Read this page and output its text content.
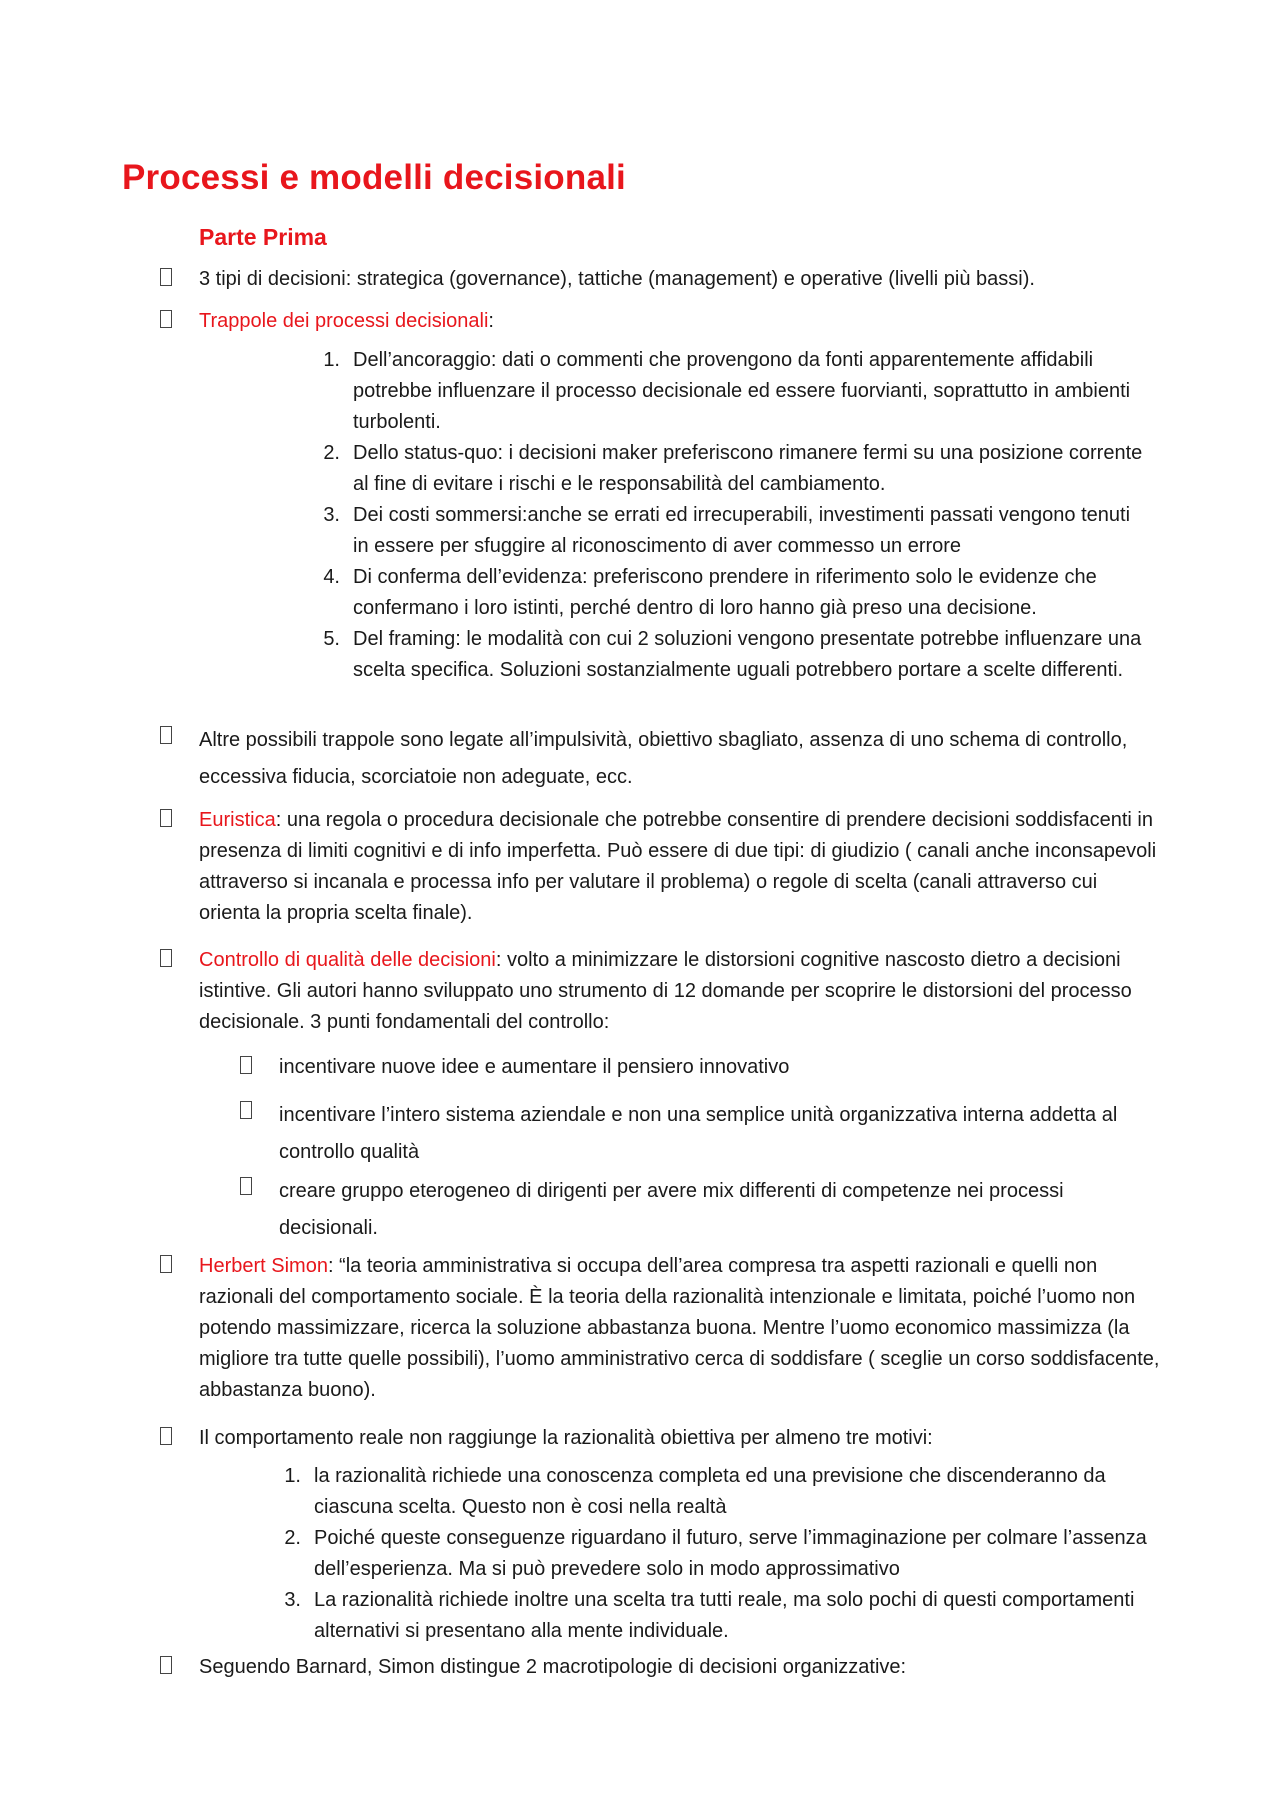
Processi e modelli decisionali
Parte Prima
3 tipi di decisioni: strategica (governance), tattiche (management) e operative (livelli più bassi).
Trappole dei processi decisionali:
1. Dell’ancoraggio: dati o commenti che provengono da fonti apparentemente affidabili potrebbe influenzare il processo decisionale ed essere fuorvianti, soprattutto in ambienti turbolenti.
2. Dello status-quo: i decisioni maker preferiscono rimanere fermi su una posizione corrente al fine di evitare i rischi e le responsabilità del cambiamento.
3. Dei costi sommersi:anche se errati ed irrecuperabili, investimenti passati vengono tenuti in essere per sfuggire al riconoscimento di aver commesso un errore
4. Di conferma dell’evidenza: preferiscono prendere in riferimento solo le evidenze che confermano i loro istinti, perché dentro di loro hanno già preso una decisione.
5. Del framing: le modalità con cui 2 soluzioni vengono presentate potrebbe influenzare una scelta specifica. Soluzioni sostanzialmente uguali potrebbero portare a scelte differenti.
Altre possibili trappole sono legate all’impulsività, obiettivo sbagliato, assenza di uno schema di controllo, eccessiva fiducia, scorciatoie non adeguate, ecc.
Euristica: una regola o procedura decisionale che potrebbe consentire di prendere decisioni soddisfacenti in presenza di limiti cognitivi e di info imperfetta. Può essere di due tipi: di giudizio ( canali anche inconsapevoli attraverso si incanala e processa info per valutare il problema) o regole di scelta (canali attraverso cui orienta la propria scelta finale).
Controllo di qualità delle decisioni: volto a minimizzare le distorsioni cognitive nascosto dietro a decisioni istintive. Gli autori hanno sviluppato uno strumento di 12 domande per scoprire le distorsioni del processo decisionale. 3 punti fondamentali del controllo:
incentivare nuove idee e aumentare il pensiero innovativo
incentivare l’intero sistema aziendale e non una semplice unità organizzativa interna addetta al controllo qualità
creare gruppo eterogeneo di dirigenti per avere mix differenti di competenze nei processi decisionali.
Herbert Simon: “la teoria amministrativa si occupa dell’area compresa tra aspetti razionali e quelli non razionali del comportamento sociale. È la teoria della razionalità intenzionale e limitata, poiché l’uomo non potendo massimizzare, ricerca la soluzione abbastanza buona. Mentre l’uomo economico massimizza (la migliore tra tutte quelle possibili), l’uomo amministrativo cerca di soddisfare ( sceglie un corso soddisfacente, abbastanza buono).
Il comportamento reale non raggiunge la razionalità obiettiva per almeno tre motivi:
1. la razionalità richiede una conoscenza completa ed una previsione che discenderanno da ciascuna scelta. Questo non è cosi nella realtà
2. Poiché queste conseguenze riguardano il futuro, serve l’immaginazione per colmare l’assenza dell’esperienza. Ma si può prevedere solo in modo approssimativo
3. La razionalità richiede inoltre una scelta tra tutti reale, ma solo pochi di questi comportamenti alternativi si presentano alla mente individuale.
Seguendo Barnard, Simon distingue 2 macrotipologie di decisioni organizzative:
